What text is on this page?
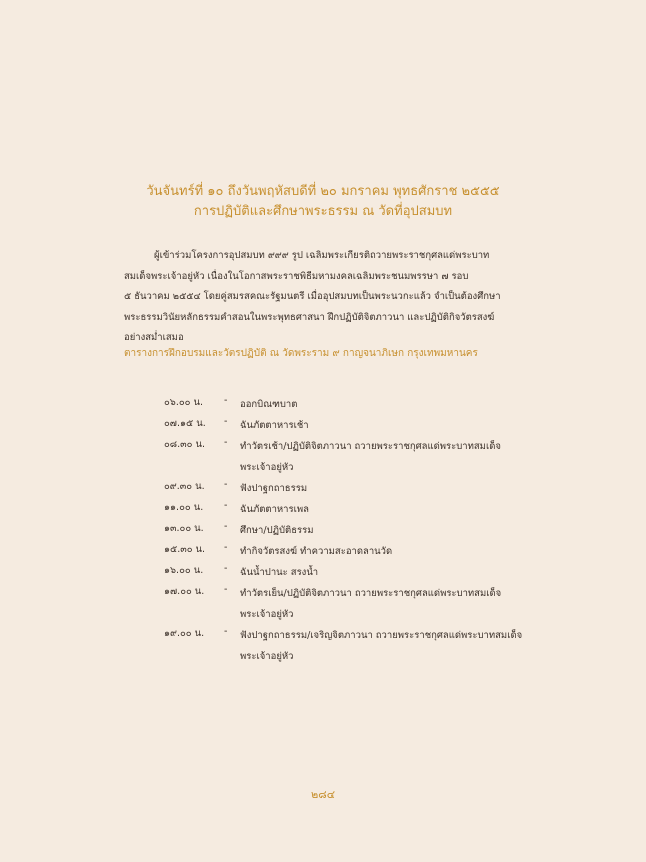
วันจันทร์ที่ ๑๐ ถึงวันพฤหัสบดีที่ ๒๐ มกราคม พุทธศักราช ๒๕๕๕
การปฏิบัติและศึกษาพระธรรม ณ วัดที่อุปสมบท
ผู้เข้าร่วมโครงการอุปสมบท ๙๙๙ รูป เฉลิมพระเกียรติถวายพระราชกุศลแด่พระบาท
สมเด็จพระเจ้าอยู่หัว เนื่องในโอกาสพระราชพิธีมหามงคลเฉลิมพระชนมพรรษา ๗ รอบ
๕ ธันวาคม ๒๕๕๔ โดยคู่สมรสคณะรัฐมนตรี เมื่ออุปสมบทเป็นพระนวกะแล้ว จำเป็นต้องศึกษา
พระธรรมวินัยหลักธรรมคำสอนในพระพุทธศาสนา ฝึกปฏิบัติจิตภาวนา และปฏิบัติกิจวัตรสงฆ์
อย่างสม่ำเสมอ
ตารางการฝึกอบรมและวัตรปฏิบัติ ณ วัดพระราม ๙ กาญจนาภิเษก กรุงเทพมหานคร
๐๖.๐๐ น.	-	ออกบิณฑบาต
๐๗.๑๕ น.	-	ฉันภัตตาหารเช้า
๐๘.๓๐ น.	-	ทำวัตรเช้า/ปฏิบัติจิตภาวนา ถวายพระราชกุศลแด่พระบาทสมเด็จ
พระเจ้าอยู่หัว
๐๙.๓๐ น.	-	ฟังปาฐกถาธรรม
๑๑.๐๐ น.	-	ฉันภัตตาหารเพล
๑๓.๐๐ น.	-	ศึกษา/ปฏิบัติธรรม
๑๕.๓๐ น.	-	ทำกิจวัตรสงฆ์ ทำความสะอาดลานวัด
๑๖.๐๐ น.	-	ฉันน้ำปานะ สรงน้ำ
๑๗.๐๐ น.	-	ทำวัตรเย็น/ปฏิบัติจิตภาวนา ถวายพระราชกุศลแด่พระบาทสมเด็จ
พระเจ้าอยู่หัว
๑๙.๐๐ น.	-	ฟังปาฐกถาธรรม/เจริญจิตภาวนา ถวายพระราชกุศลแด่พระบาทสมเด็จ
พระเจ้าอยู่หัว
๒๘๔
